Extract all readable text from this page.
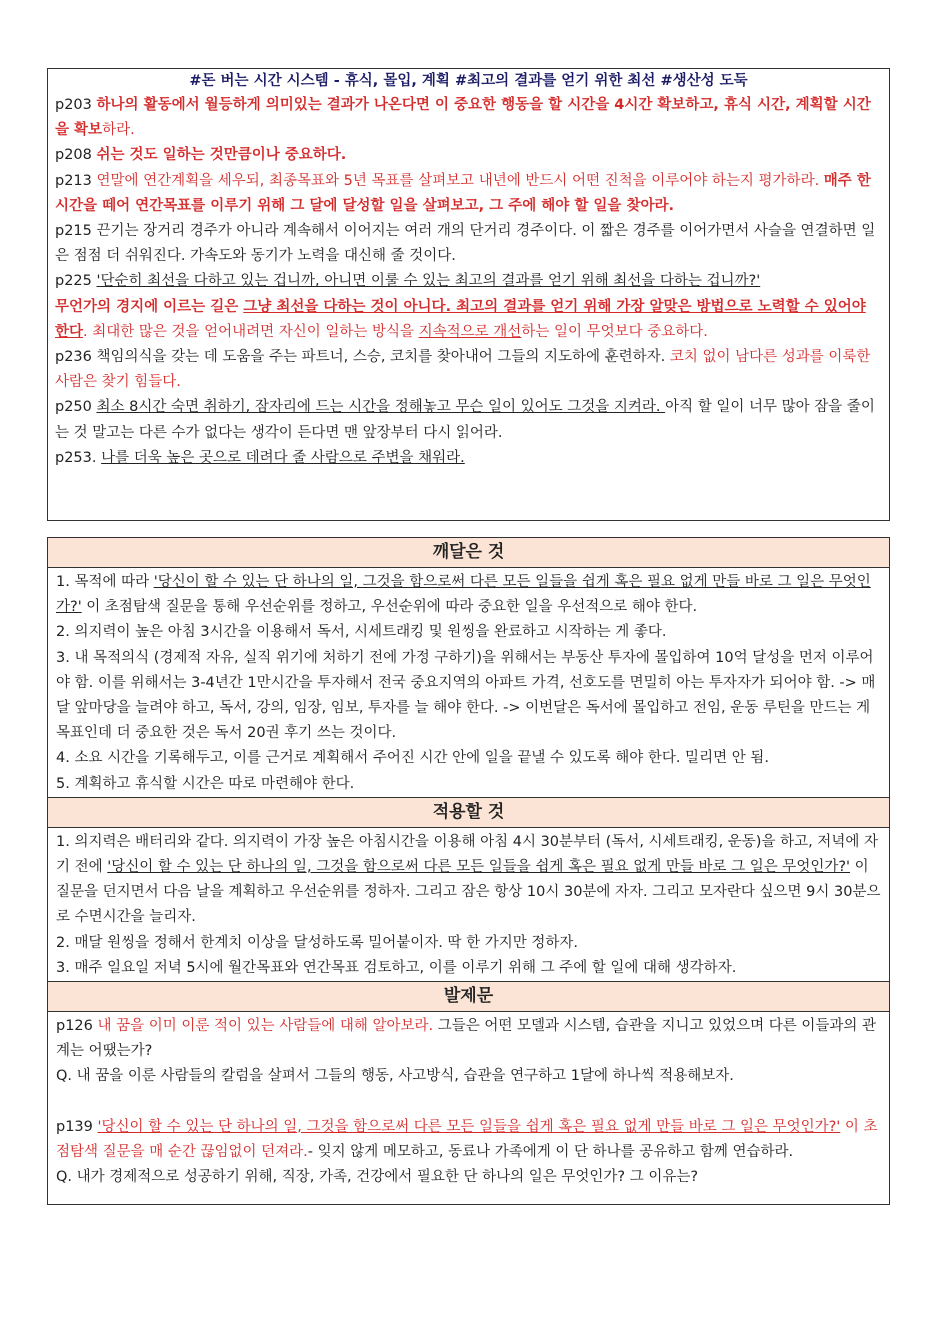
#돈 버는 시간 시스템 - 휴식, 몰입, 계획 #최고의 결과를 얻기 위한 최선 #생산성 도둑

p203 하나의 활동에서 월등하게 의미있는 결과가 나온다면 이 중요한 행동을 할 시간을 4시간 확보하고, 휴식 시간, 계획할 시간을 확보하라.

p208 쉬는 것도 일하는 것만큼이나 중요하다.

p213 연말에 연간계획을 세우되, 최종목표와 5년 목표를 살펴보고 내년에 반드시 어떤 진척을 이루어야 하는지 평가하라. 매주 한 시간을 떼어 연간목표를 이루기 위해 그 달에 달성할 일을 살펴보고, 그 주에 해야 할 일을 찾아라.

p215 끈기는 장거리 경주가 아니라 계속해서 이어지는 여러 개의 단거리 경주이다. 이 짧은 경주를 이어가면서 사슬을 연결하면 일은 점점 더 쉬워진다. 가속도와 동기가 노력을 대신해 줄 것이다.

p225 '단순히 최선을 다하고 있는 겁니까, 아니면 이룰 수 있는 최고의 결과를 얻기 위해 최선을 다하는 겁니까?'
무언가의 경지에 이르는 길은 그냥 최선을 다하는 것이 아니다. 최고의 결과를 얻기 위해 가장 알맞은 방법으로 노력할 수 있어야 한다. 최대한 많은 것을 얻어내려면 자신이 일하는 방식을 지속적으로 개선하는 일이 무엇보다 중요하다.

p236 책임의식을 갖는 데 도움을 주는 파트너, 스승, 코치를 찾아내어 그들의 지도하에 훈련하자. 코치 없이 남다른 성과를 이룩한 사람은 찾기 힘들다.

p250 최소 8시간 숙면 취하기, 잠자리에 드는 시간을 정해놓고 무슨 일이 있어도 그것을 지켜라. 아직 할 일이 너무 많아 잠을 줄이는 것 말고는 다른 수가 없다는 생각이 든다면 맨 앞장부터 다시 읽어라.

p253. 나를 더욱 높은 곳으로 데려다 줄 사람으로 주변을 채워라.

깨달은 것

1. 목적에 따라 '당신이 할 수 있는 단 하나의 일, 그것을 함으로써 다른 모든 일들을 쉽게 혹은 필요 없게 만들 바로 그 일은 무엇인가?' 이 초점탐색 질문을 통해 우선순위를 정하고, 우선순위에 따라 중요한 일을 우선적으로 해야 한다.

2. 의지력이 높은 아침 3시간을 이용해서 독서, 시세트래킹 및 원씽을 완료하고 시작하는 게 좋다.

3. 내 목적의식 (경제적 자유, 실직 위기에 처하기 전에 가정 구하기)을 위해서는 부동산 투자에 몰입하여 10억 달성을 먼저 이루어야 함. 이를 위해서는 3-4년간 1만시간을 투자해서 전국 중요지역의 아파트 가격, 선호도를 면밀히 아는 투자자가 되어야 함. -> 매달 앞마당을 늘려야 하고, 독서, 강의, 임장, 임보, 투자를 늘 해야 한다. -> 이번달은 독서에 몰입하고 전임, 운동 루틴을 만드는 게 목표인데 더 중요한 것은 독서 20권 후기 쓰는 것이다.

4. 소요 시간을 기록해두고, 이를 근거로 계획해서 주어진 시간 안에 일을 끝낼 수 있도록 해야 한다. 밀리면 안 됨.

5. 계획하고 휴식할 시간은 따로 마련해야 한다.

적용할 것

1. 의지력은 배터리와 같다. 의지력이 가장 높은 아침시간을 이용해 아침 4시 30분부터 (독서, 시세트래킹, 운동)을 하고, 저녁에 자기 전에 '당신이 할 수 있는 단 하나의 일, 그것을 함으로써 다른 모든 일들을 쉽게 혹은 필요 없게 만들 바로 그 일은 무엇인가?' 이 질문을 던지면서 다음 날을 계획하고 우선순위를 정하자. 그리고 잠은 항상 10시 30분에 자자. 그리고 모자란다 싶으면 9시 30분으로 수면시간을 늘리자.

2. 매달 원씽을 정해서 한계치 이상을 달성하도록 밀어붙이자. 딱 한 가지만 정하자.

3. 매주 일요일 저녁 5시에 월간목표와 연간목표 검토하고, 이를 이루기 위해 그 주에 할 일에 대해 생각하자.

발제문

p126 내 꿈을 이미 이룬 적이 있는 사람들에 대해 알아보라. 그들은 어떤 모델과 시스템, 습관을 지니고 있었으며 다른 이들과의 관계는 어땠는가?

Q. 내 꿈을 이룬 사람들의 칼럼을 살펴서 그들의 행동, 사고방식, 습관을 연구하고 1달에 하나씩 적용해보자.

p139 '당신이 할 수 있는 단 하나의 일, 그것을 함으로써 다른 모든 일들을 쉽게 혹은 필요 없게 만들 바로 그 일은 무엇인가?' 이 초점탐색 질문을 매 순간 끊임없이 던져라.- 잊지 않게 메모하고, 동료나 가족에게 이 단 하나를 공유하고 함께 연습하라.

Q. 내가 경제적으로 성공하기 위해, 직장, 가족, 건강에서 필요한 단 하나의 일은 무엇인가? 그 이유는?
